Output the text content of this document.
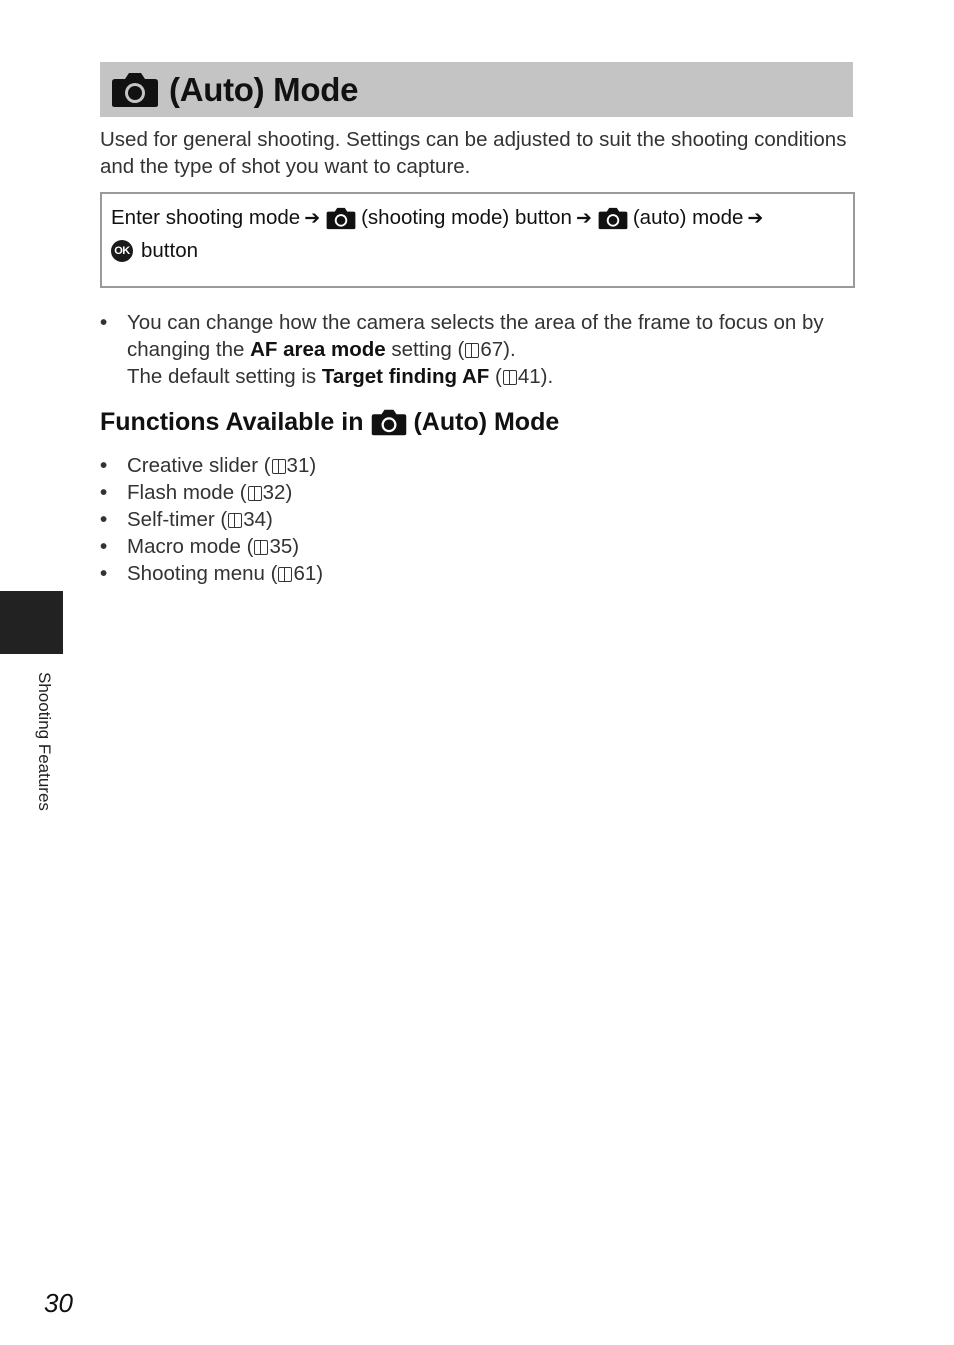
(Auto) Mode
Used for general shooting. Settings can be adjusted to suit the shooting conditions and the type of shot you want to capture.
Enter shooting mode ➔ (shooting mode) button ➔ (auto) mode ➔
OK button
• You can change how the camera selects the area of the frame to focus on by changing the AF area mode setting ( 67).
The default setting is Target finding AF ( 41).
Functions Available in (Auto) Mode
• Creative slider ( 31)
• Flash mode ( 32)
• Self-timer ( 34)
• Macro mode ( 35)
• Shooting menu ( 61)
Shooting Features
30
